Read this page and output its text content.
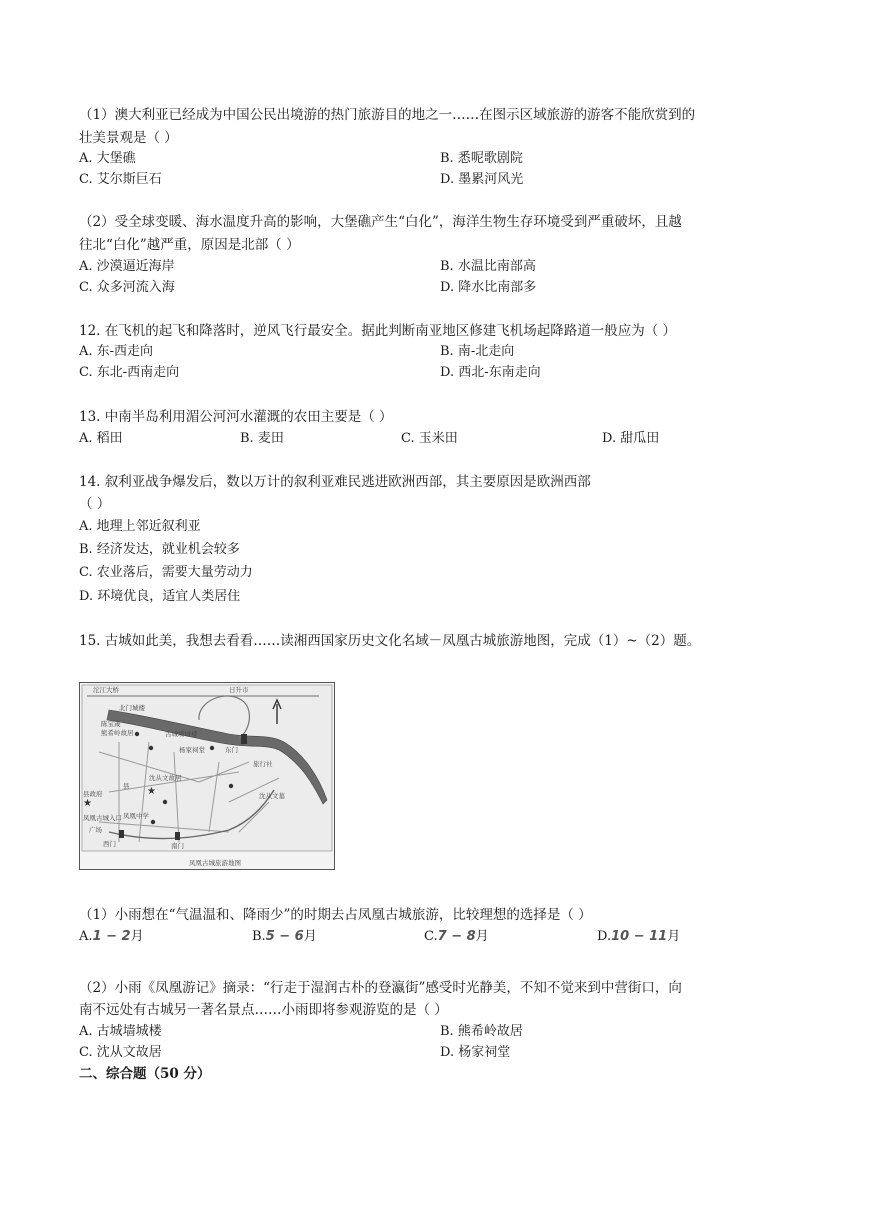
（1）澳大利亚已经成为中国公民出境游的热门旅游目的地之一……在图示区域旅游的游客不能欣赏到的
壮美景观是（ ）
A. 大堡礁	B. 悉呢歌剧院
C. 艾尔斯巨石	D. 墨累河风光
（2）受全球变暖、海水温度升高的影响，大堡礁产生“白化”，海洋生物生存环境受到严重破坏，且越
往北“白化”越严重，原因是北部（ ）
A. 沙漠逼近海岸	B. 水温比南部高
C. 众多河流入海	D. 降水比南部多
12. 在飞机的起飞和降落时，逆风飞行最安全。据此判断南亚地区修建飞机场起降路道一般应为（ ）
A. 东-西走向	B. 南-北走向
C. 东北-西南走向	D. 西北-东南走向
13. 中南半岛利用湄公河河水灌溉的农田主要是（ ）
A. 稻田	B. 麦田	C. 玉米田	D. 甜瓜田
14. 叙利亚战争爆发后，数以万计的叙利亚难民逃进欧洲西部，其主要原因是欧洲西部
（ ）
A. 地理上邻近叙利亚
B. 经济发达，就业机会较多
C. 农业落后，需要大量劳动力
D. 环境优良，适宜人类居住
15. 古城如此美，我想去看看……读湘西国家历史文化名域－凤凰古城旅游地图，完成（1）~（2）题。
★
★
沱江大桥	日升市
北门城楼
陈宝箴
熊希岭故居
杨家祠堂
古城墙城楼
东门
旅行社
沈从文故居
县政府
凤凰古城入口
广场
凤凰中学
沈从文墓
西门	南门
县
凤凰古城旅游地图
（1）小雨想在“气温温和、降雨少”的时期去占凤凰古城旅游，比较理想的选择是（ ）
A.1 − 2月	B.5 − 6月	C.7 − 8月	D.10 − 11月
（2）小雨《凤凰游记》摘录：“行走于湿润古朴的登瀛街”感受时光静美，不知不觉来到中营街口，向
南不远处有古城另一著名景点……小雨即将参观游览的是（ ）
A. 古城墙城楼	B. 熊希岭故居
C. 沈从文故居	D. 杨家祠堂
二、综合题（50 分）
